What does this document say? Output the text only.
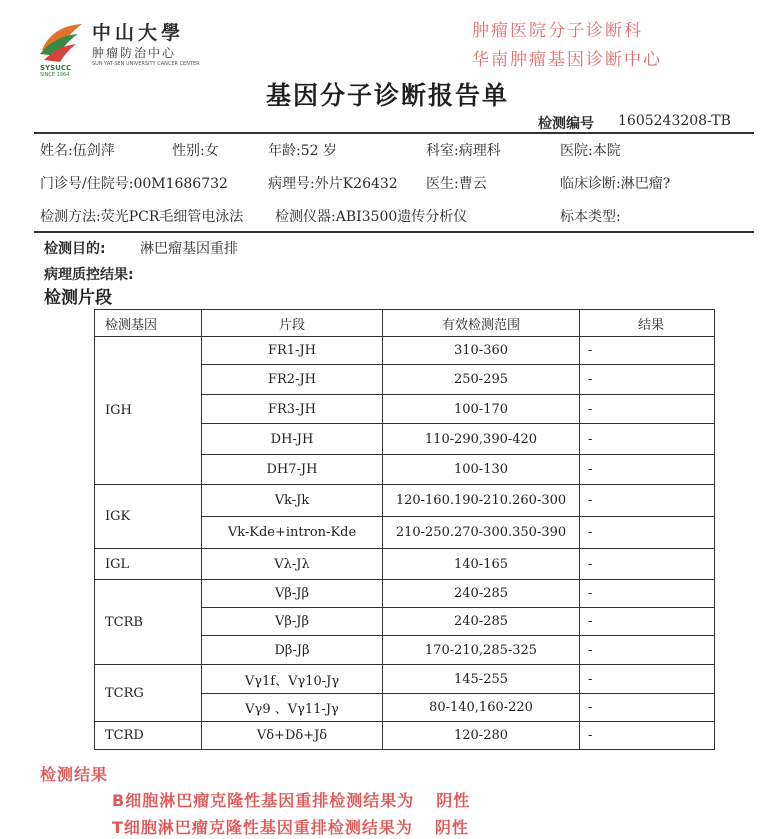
中山大學
肿瘤防治中心
SUN YAT-SEN UNIVERSITY CANCER CENTER
SYSUCC
SINCE 1964
肿瘤医院分子诊断科
华南肿瘤基因诊断中心
基因分子诊断报告单
检测编号 1605243208-TB
姓名:伍剑萍	性别:女	年龄:52 岁	科室:病理科	医院:本院
门诊号/住院号:00M1686732	病理号:外片K26432 医生:曹云	临床诊断:淋巴瘤?
检测方法:荧光PCR毛细管电泳法 检测仪器:ABI3500遗传分析仪	标本类型:
检测目的: 淋巴瘤基因重排
病理质控结果:
检测片段
检测基因	片段	有效检测范围	结果
IGH	FR1-JH	310-360	-
	FR2-JH	250-295	-
	FR3-JH	100-170	-
	DH-JH	110-290,390-420	-
	DH7-JH	100-130	-
IGK	Vk-Jk	120-160.190-210.260-300	-
	Vk-Kde+intron-Kde	210-250.270-300.350-390	-
IGL	Vλ-Jλ	140-165	-
TCRB	Vβ-Jβ	240-285	-
	Vβ-Jβ	240-285	-
	Dβ-Jβ	170-210,285-325	-
TCRG	Vγ1f、Vγ10-Jγ	145-255	-
	Vγ9 、Vγ11-Jγ	80-140,160-220	-
TCRD	Vδ+Dδ+Jδ	120-280	-
检测结果
B细胞淋巴瘤克隆性基因重排检测结果为 阴性
T细胞淋巴瘤克隆性基因重排检测结果为 阴性
